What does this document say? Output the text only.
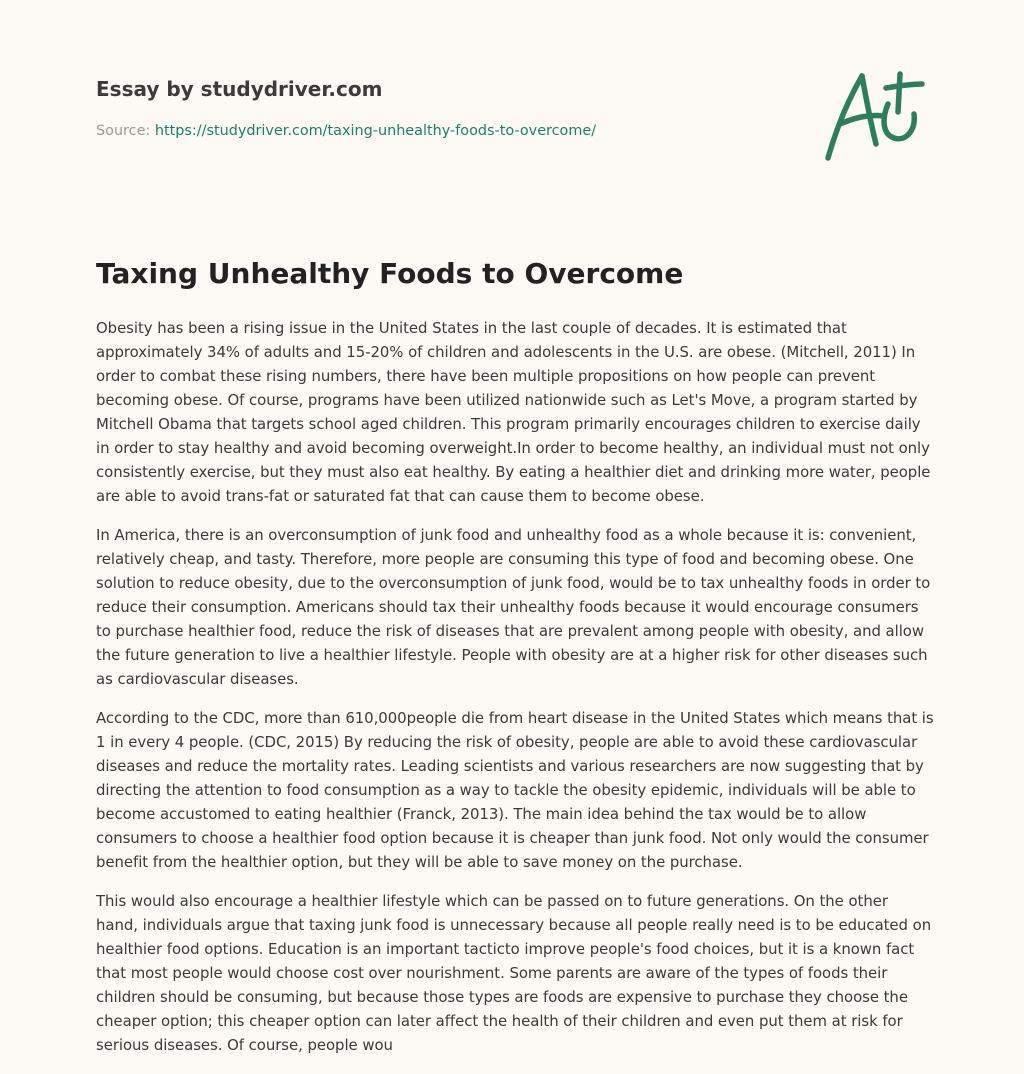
Essay by studydriver.com
Source: https://studydriver.com/taxing-unhealthy-foods-to-overcome/
Taxing Unhealthy Foods to Overcome

Obesity has been a rising issue in the United States in the last couple of decades. It is estimated that approximately 34% of adults and 15-20% of children and adolescents in the U.S. are obese. (Mitchell, 2011) In order to combat these rising numbers, there have been multiple propositions on how people can prevent becoming obese. Of course, programs have been utilized nationwide such as Let's Move, a program started by Mitchell Obama that targets school aged children. This program primarily encourages children to exercise daily in order to stay healthy and avoid becoming overweight.In order to become healthy, an individual must not only consistently exercise, but they must also eat healthy. By eating a healthier diet and drinking more water, people are able to avoid trans-fat or saturated fat that can cause them to become obese.

In America, there is an overconsumption of junk food and unhealthy food as a whole because it is: convenient, relatively cheap, and tasty. Therefore, more people are consuming this type of food and becoming obese. One solution to reduce obesity, due to the overconsumption of junk food, would be to tax unhealthy foods in order to reduce their consumption. Americans should tax their unhealthy foods because it would encourage consumers to purchase healthier food, reduce the risk of diseases that are prevalent among people with obesity, and allow the future generation to live a healthier lifestyle. People with obesity are at a higher risk for other diseases such as cardiovascular diseases.

According to the CDC, more than 610,000people die from heart disease in the United States which means that is 1 in every 4 people. (CDC, 2015) By reducing the risk of obesity, people are able to avoid these cardiovascular diseases and reduce the mortality rates. Leading scientists and various researchers are now suggesting that by directing the attention to food consumption as a way to tackle the obesity epidemic, individuals will be able to become accustomed to eating healthier (Franck, 2013). The main idea behind the tax would be to allow consumers to choose a healthier food option because it is cheaper than junk food. Not only would the consumer benefit from the healthier option, but they will be able to save money on the purchase.

This would also encourage a healthier lifestyle which can be passed on to future generations. On the other hand, individuals argue that taxing junk food is unnecessary because all people really need is to be educated on healthier food options. Education is an important tacticto improve people's food choices, but it is a known fact that most people would choose cost over nourishment. Some parents are aware of the types of foods their children should be consuming, but because those types are foods are expensive to purchase they choose the cheaper option; this cheaper option can later affect the health of their children and even put them at risk for serious diseases. Of course, people wou
